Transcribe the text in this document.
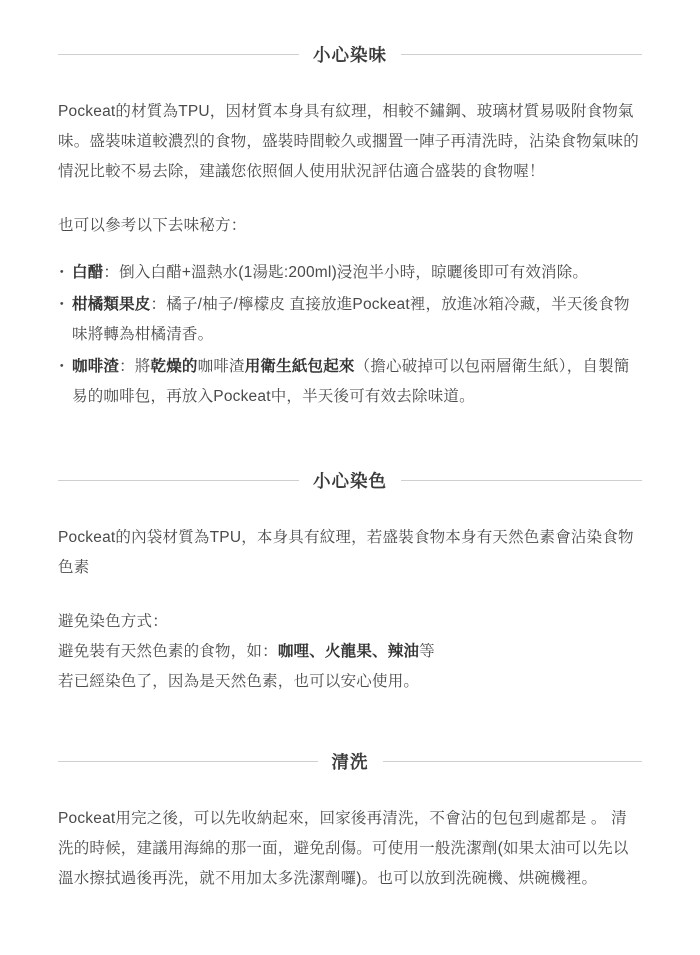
小心染味

Pockeat的材質為TPU，因材質本身具有紋理，相較不鏽鋼、玻璃材質易吸附食物氣味。盛裝味道較濃烈的食物，盛裝時間較久或擱置一陣子再清洗時，沾染食物氣味的情況比較不易去除，建議您依照個人使用狀況評估適合盛裝的食物喔！

也可以參考以下去味秘方：

・ 白醋：倒入白醋+溫熱水(1湯匙:200ml)浸泡半小時，晾曬後即可有效消除。
・ 柑橘類果皮：橘子/柚子/檸檬皮 直接放進Pockeat裡，放進冰箱冷藏，半天後食物味將轉為柑橘清香。
・ 咖啡渣：將乾燥的咖啡渣用衛生紙包起來（擔心破掉可以包兩層衛生紙），自製簡易的咖啡包，再放入Pockeat中，半天後可有效去除味道。
小心染色

Pockeat的內袋材質為TPU，本身具有紋理，若盛裝食物本身有天然色素會沾染食物色素

避免染色方式：

避免裝有天然色素的食物，如：咖哩、火龍果、辣油等

若已經染色了，因為是天然色素，也可以安心使用。

清洗

Pockeat用完之後，可以先收納起來，回家後再清洗，不會沾的包包到處都是 。 清洗的時候，建議用海綿的那一面，避免刮傷。可使用一般洗潔劑(如果太油可以先以溫水擦拭過後再洗，就不用加太多洗潔劑囉)。也可以放到洗碗機、烘碗機裡。
